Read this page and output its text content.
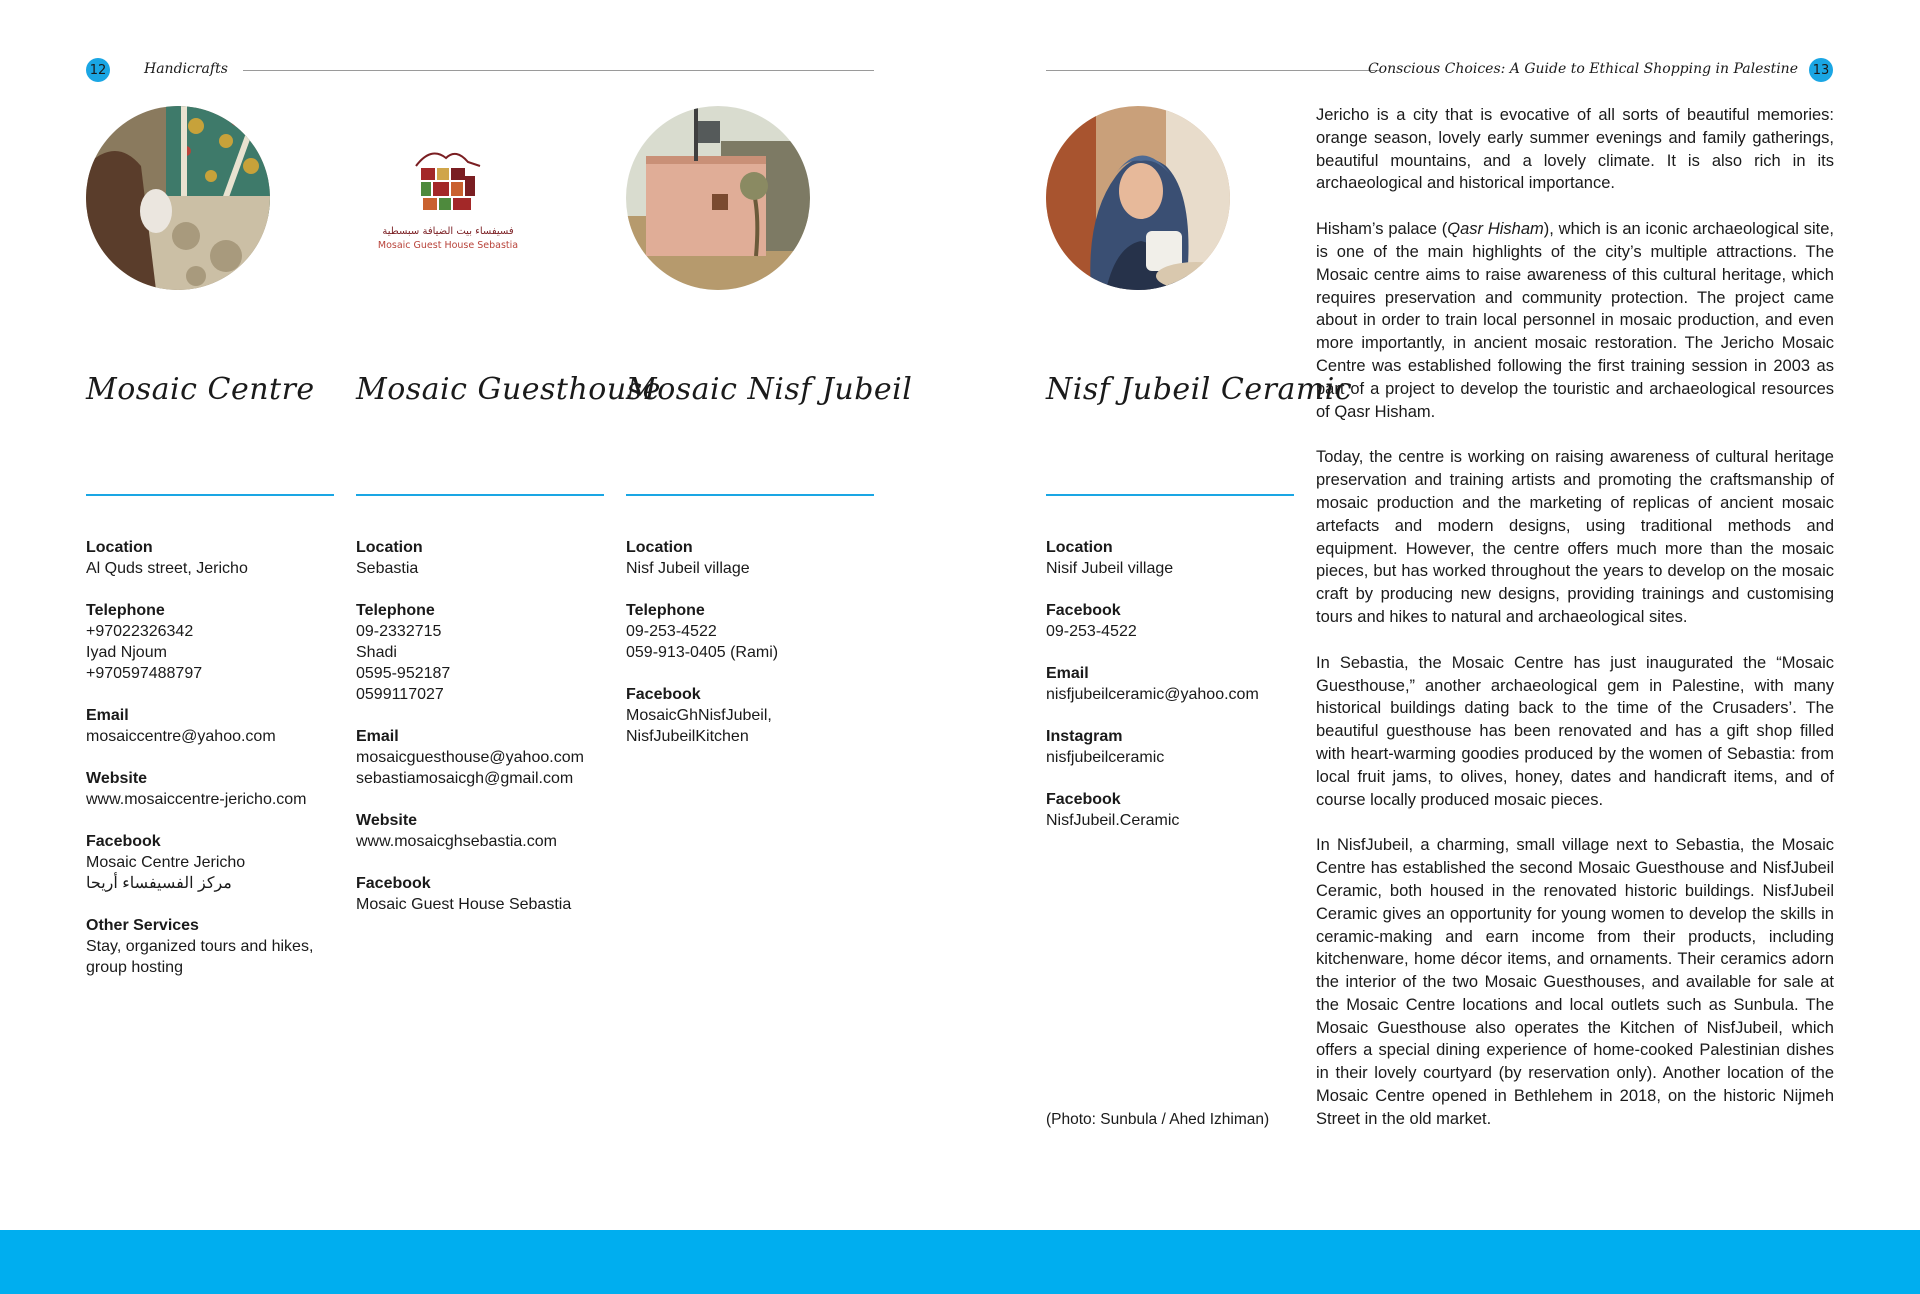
12	Handicrafts	Conscious Choices: A Guide to Ethical Shopping in Palestine 13
فسيفساء بيت الضيافة سبسطية
Mosaic Guest House Sebastia
Mosaic Centre Mosaic Guesthouse
Mosaic Nisf Jubeil	Nisf Jubeil Ceramic
Location
Al Quds street, Jericho
Telephone
+97022326342
Iyad Njoum
+970597488797
Email
mosaiccentre@yahoo.com
Website
www.mosaiccentre-jericho.com
Facebook
Mosaic Centre Jericho
مركز الفسيفساء أريحا
Other Services
Stay, organized tours and hikes,
group hosting
Location
Sebastia
Telephone
09-2332715
Shadi
0595-952187
0599117027
Email
mosaicguesthouse@yahoo.com
sebastiamosaicgh@gmail.com
Website
www.mosaicghsebastia.com
Facebook
Mosaic Guest House Sebastia
Location
Nisf Jubeil village
Telephone
09-253-4522
059-913-0405 (Rami)
Facebook
MosaicGhNisfJubeil,
NisfJubeilKitchen
Location
Nisif Jubeil village
Facebook
09-253-4522
Email
nisfjubeilceramic@yahoo.com
Instagram
nisfjubeilceramic
Facebook
NisfJubeil.Ceramic
(Photo: Sunbula / Ahed Izhiman)

Jericho is a city that is evocative of all sorts of beautiful memories: orange season, lovely early summer evenings and family gatherings, beautiful mountains, and a lovely climate. It is also rich in its archaeological and historical importance.

Hisham’s palace (Qasr Hisham), which is an iconic archaeological site, is one of the main highlights of the city’s multiple attractions. The Mosaic centre aims to raise awareness of this cultural heritage, which requires preservation and community protection. The project came about in order to train local personnel in mosaic production, and even more importantly, in ancient mosaic restoration. The Jericho Mosaic Centre was established following the first training session in 2003 as part of a project to develop the touristic and archaeological resources of Qasr Hisham.

Today, the centre is working on raising awareness of cultural heritage preservation and training artists and promoting the craftsmanship of mosaic production and the marketing of replicas of ancient mosaic artefacts and modern designs, using traditional methods and equipment. However, the centre offers much more than the mosaic pieces, but has worked throughout the years to develop on the mosaic craft by producing new designs, providing trainings and customising tours and hikes to natural and archaeological sites.

In Sebastia, the Mosaic Centre has just inaugurated the “Mosaic Guesthouse,” another archaeological gem in Palestine, with many historical buildings dating back to the time of the Crusaders’. The beautiful guesthouse has been renovated and has a gift shop filled with heart-warming goodies produced by the women of Sebastia: from local fruit jams, to olives, honey, dates and handicraft items, and of course locally produced mosaic pieces.

In NisfJubeil, a charming, small village next to Sebastia, the Mosaic Centre has established the second Mosaic Guesthouse and NisfJubeil Ceramic, both housed in the renovated historic buildings. NisfJubeil Ceramic gives an opportunity for young women to develop the skills in ceramic-making and earn income from their products, including kitchenware, home décor items, and ornaments. Their ceramics adorn the interior of the two Mosaic Guesthouses, and available for sale at the Mosaic Centre locations and local outlets such as Sunbula. The Mosaic Guesthouse also operates the Kitchen of NisfJubeil, which offers a special dining experience of home-cooked Palestinian dishes in their lovely courtyard (by reservation only). Another location of the Mosaic Centre opened in Bethlehem in 2018, on the historic Nijmeh Street in the old market.
